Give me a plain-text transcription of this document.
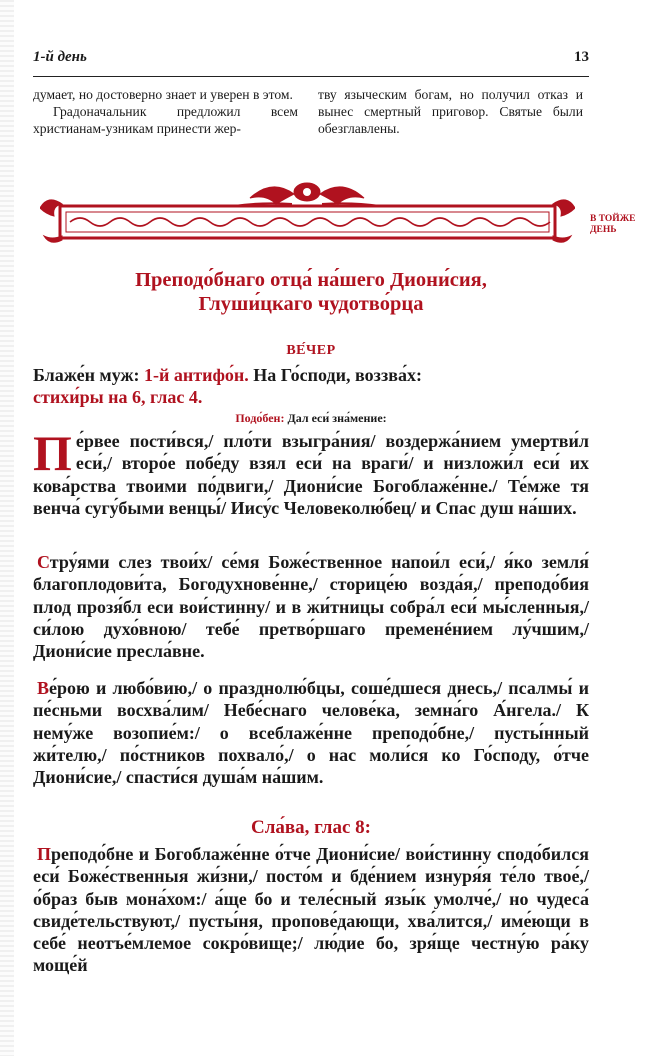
1-й день	13

думает, но достоверно знает и уверен в этом.

Градоначальник предложил всем христианам-узникам принести жер-

тву языческим богам, но получил отказ и вынес смертный приговор. Святые были обезглавлены.

В ТОЙЖЕ ДЕНЬ
Преподо́бнаго отца́ на́шего Диони́сия,
Глуши́цкаго чудотво́рца
ВЕ́ЧЕР
Блаже́н муж: 1-й антифо́н. На Го́споди, воззва́х:
стихи́ры на 6, глас 4.
Подо́бен: Дал еси́ зна́мение:
Пе́рвее пости́вся,/ пло́ти взыгра́ния/ воздержа́нием умертви́л еси́,/ второ́е побе́ду взял еси́ на враги́/ и низложи́л еси́ их кова́рства твоими по́двиги,/ Диони́сие Богоблаже́нне./ Те́мже тя венча́ сугу́быми венцы́/ Иису́с Человеколю́бец/ и Спас душ на́ших.
Стру́ями слез твои́х/ се́мя Боже́ственное напои́л еси́,/ я́ко земля́ благоплодови́та, Богодухнове́нне,/ сторице́ю возда́я,/ преподо́бия плод прозя́бл еси вои́стинну/ и в жи́тницы собра́л еси́ мы́сленныя,/ си́лою духо́вною/ тебе́ претво́ршаго пременéнием лу́чшим,/ Диони́сие пресла́вне.
Ве́рою и любо́вию,/ о празднолю́бцы, соше́дшеся днесь,/ псалмы́ и пе́сньми восхва́лим/ Небе́снаго челове́ка, земна́го А́нгела./ К нему́же возопие́м:/ о всеблаже́нне преподо́бне,/ пусты́нный жи́телю,/ по́стников похвало́,/ о нас моли́ся ко Го́споду, о́тче Диони́сие,/ спасти́ся душа́м на́шим.
Сла́ва, глас 8:
Преподо́бне и Богоблаже́нне о́тче Диони́сие/ вои́стинну сподо́бился еси́ Боже́ственныя жи́зни,/ посто́м и бде́нием изнуря́я те́ло твое́,/ о́браз быв мона́хом:/ а́ще бо и теле́сный язы́к умолче́,/ но чудеса́ свиде́тельствуют,/ пусты́ня, пропове́дающи, хва́лится,/ име́ющи в себе́ неотъе́млемое сокро́вище;/ лю́дие бо, зря́ще честну́ю ра́ку моще́й
